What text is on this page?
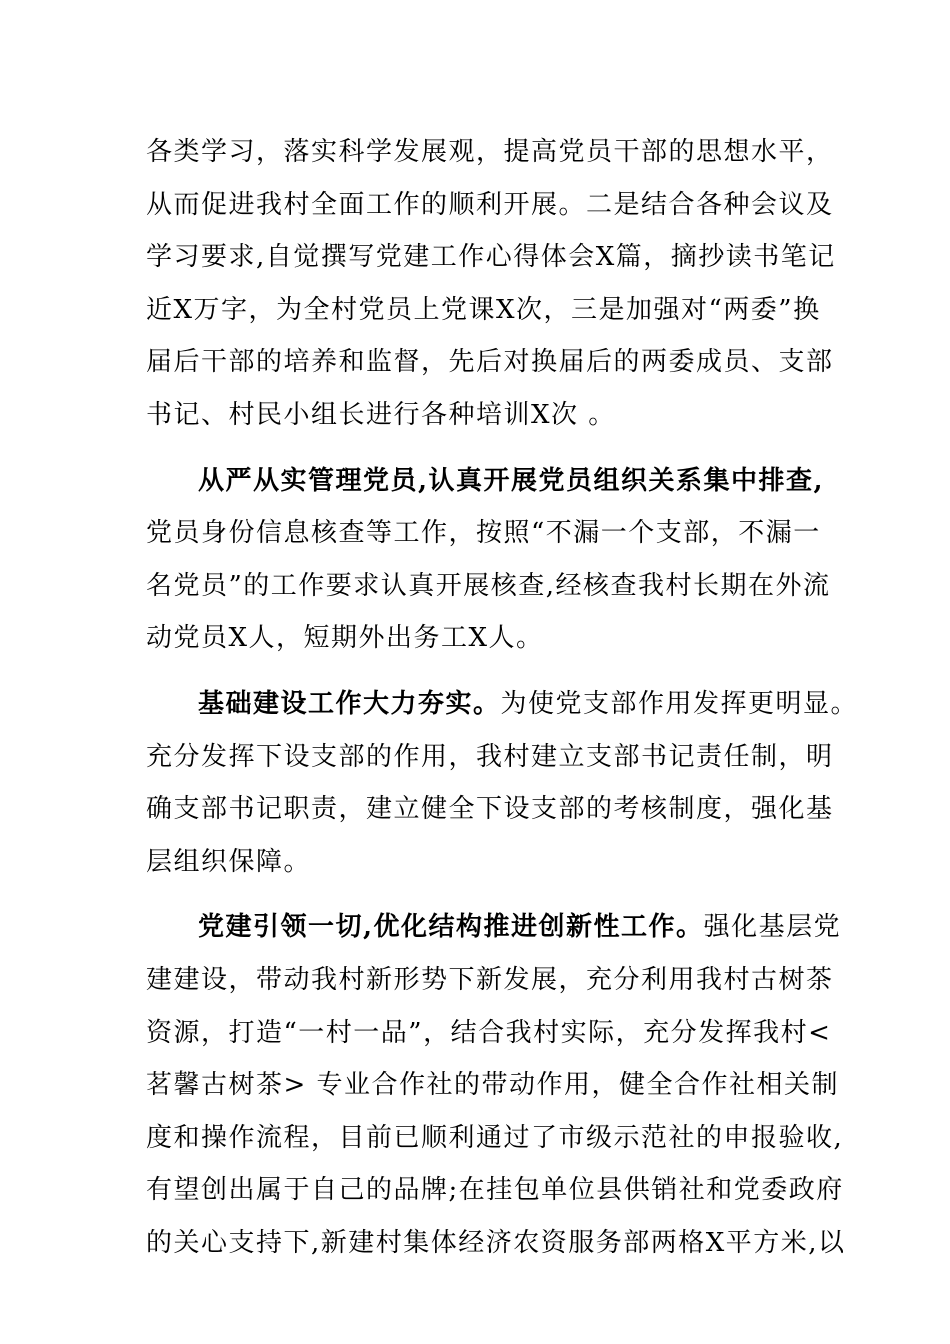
各类学习，落实科学发展观，提高党员干部的思想水平，
从而促进我村全面工作的顺利开展。二是结合各种会议及
学习要求,自觉撰写党建工作心得体会X篇，摘抄读书笔记
近X万字，为全村党员上党课X次，三是加强对“两委”换
届后干部的培养和监督，先后对换届后的两委成员、支部
书记、村民小组长进行各种培训X次 。
从严从实管理党员,认真开展党员组织关系集中排查,
党员身份信息核查等工作，按照“不漏一个支部，不漏一
名党员”的工作要求认真开展核查,经核查我村长期在外流
动党员X人，短期外出务工X人。
基础建设工作大力夯实。为使党支部作用发挥更明显。
充分发挥下设支部的作用，我村建立支部书记责任制，明
确支部书记职责，建立健全下设支部的考核制度，强化基
层组织保障。
党建引领一切,优化结构推进创新性工作。强化基层党
建建设，带动我村新形势下新发展，充分利用我村古树茶
资源，打造“一村一品”，结合我村实际，充分发挥我村<
茗馨古树茶> 专业合作社的带动作用，健全合作社相关制
度和操作流程，目前已顺利通过了市级示范社的申报验收,
有望创出属于自己的品牌;在挂包单位县供销社和党委政府
的关心支持下,新建村集体经济农资服务部两格X平方米,以
